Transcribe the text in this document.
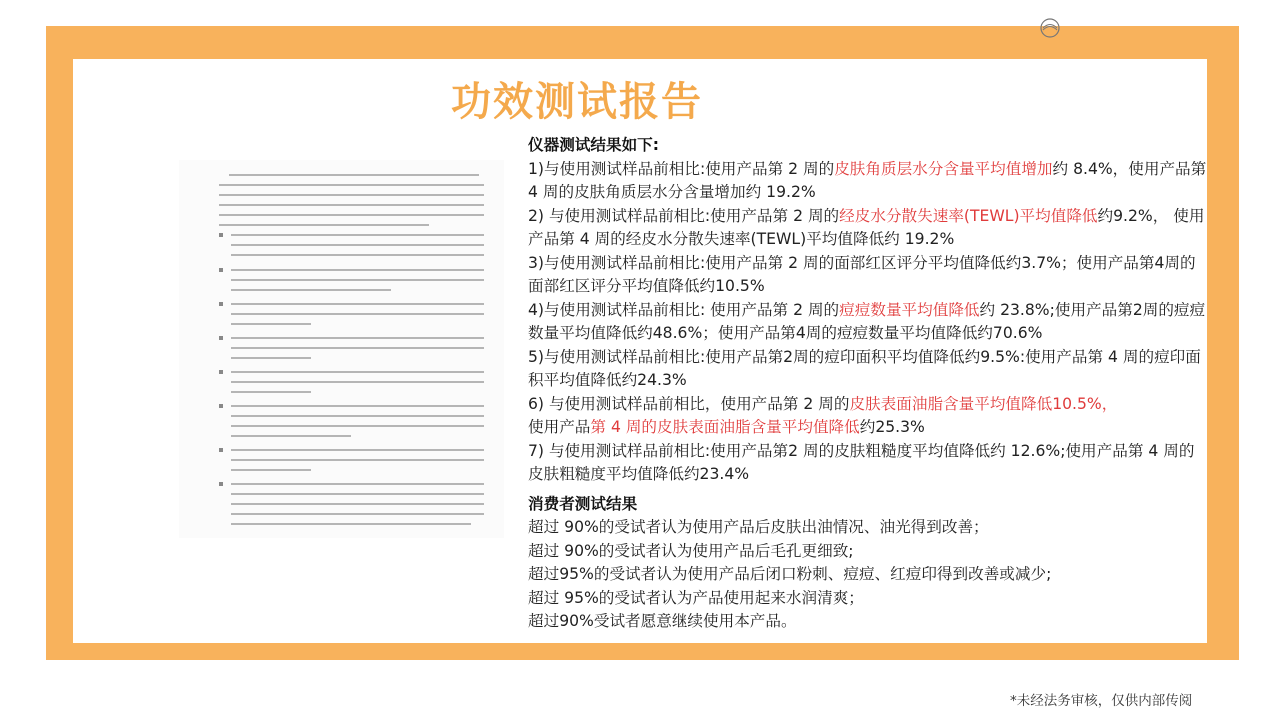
功效测试报告

仪器测试结果如下:

1)与使用测试样品前相比:使用产品第 2 周的皮肤角质层水分含量平均值增加约 8.4%，使用产品第 4 周的皮肤角质层水分含量增加约 19.2%

2) 与使用测试样品前相比:使用产品第 2 周的经皮水分散失速率(TEWL)平均值降低约9.2%， 使用产品第 4 周的经皮水分散失速率(TEWL)平均值降低约 19.2%

3)与使用测试样品前相比:使用产品第 2 周的面部红区评分平均值降低约3.7%；使用产品第4周的面部红区评分平均值降低约10.5%

4)与使用测试样品前相比: 使用产品第 2 周的痘痘数量平均值降低约 23.8%;使用产品第2周的痘痘数量平均值降低约48.6%；使用产品第4周的痘痘数量平均值降低约70.6%

5)与使用测试样品前相比:使用产品第2周的痘印面积平均值降低约9.5%:使用产品第 4 周的痘印面积平均值降低约24.3%

6) 与使用测试样品前相比，使用产品第 2 周的皮肤表面油脂含量平均值降低10.5%，
使用产品第 4 周的皮肤表面油脂含量平均值降低约25.3%

7) 与使用测试样品前相比:使用产品第2 周的皮肤粗糙度平均值降低约 12.6%;使用产品第 4 周的皮肤粗糙度平均值降低约23.4%

消费者测试结果

超过 90%的受试者认为使用产品后皮肤出油情况、油光得到改善；

超过 90%的受试者认为使用产品后毛孔更细致;

超过95%的受试者认为使用产品后闭口粉刺、痘痘、红痘印得到改善或减少;

超过 95%的受试者认为产品使用起来水润清爽；

超过90%受试者愿意继续使用本产品。

*未经法务审核，仅供内部传阅
